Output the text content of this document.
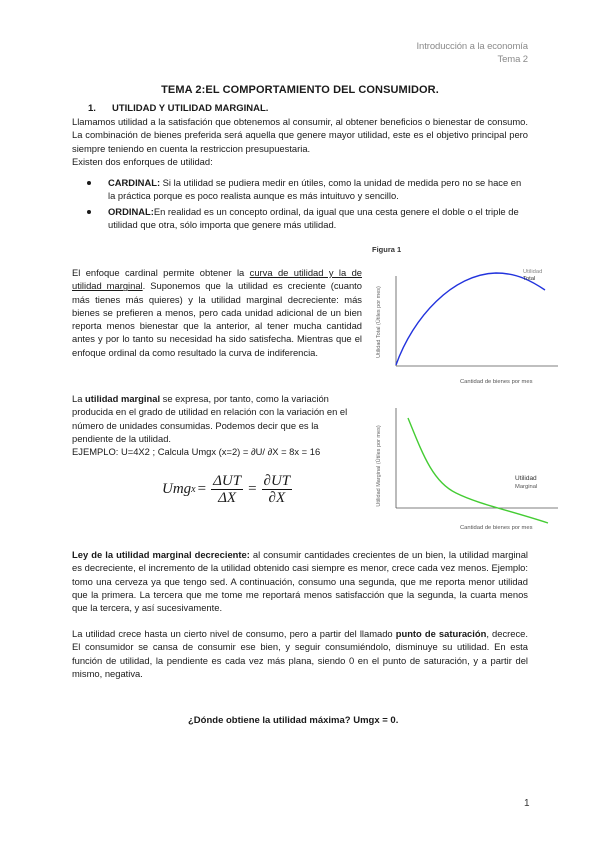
Introducción a la economía
Tema 2
TEMA 2:EL COMPORTAMIENTO DEL CONSUMIDOR.
1. UTILIDAD Y UTILIDAD MARGINAL.
Llamamos utilidad a la satisfación que obtenemos al consumir, al obtener beneficios o bienestar de consumo. La combinación de bienes preferida será aquella que genere mayor utilidad, este es el objetivo principal pero siempre teniendo en cuenta la restriccion presupuestaria.
Existen dos enforques de utilidad:
CARDINAL: Si la utilidad se pudiera medir en útiles, como la unidad de medida pero no se hace en la práctica porque es poco realista aunque es más intuituvo y sencillo.
ORDINAL:En realidad es un concepto ordinal, da igual que una cesta genere el doble o el triple de utilidad que otra, sólo importa que genere más utilidad.
El enfoque cardinal permite obtener la curva de utilidad y la de utilidad marginal. Suponemos que la utilidad es creciente (cuanto más tienes más quieres) y la utilidad marginal decreciente: más bienes se prefieren a menos, pero cada unidad adicional de un bien reporta menos bienestar que la anterior, al tener mucha cantidad antes y por lo tanto su necesidad ha sido satisfecha. Mientras que el enfoque ordinal da como resultado la curva de indiferencia.
La utilidad marginal se expresa, por tanto, como la variación producida en el grado de utilidad en relación con la variación en el número de unidades consumidas. Podemos decir que es la pendiente de la utilidad.
EJEMPLO: U=4X2 ; Calcula Umgx (x=2) = ∂U/ ∂X = 8x = 16
Umg $x = \frac{\text{ΔUT}}{\Delta X} = \frac{\partial UT}{\partial X}$
Figura 1
Utilidad Total (Útiles por mes)
Cantidad de bienes por mes
Utilidad
Total
Utilidad Marginal (Útiles por mes)
Cantidad de bienes por mes
Utilidad
Marginal
Ley de la utilidad marginal decreciente: al consumir cantidades crecientes de un bien, la utilidad marginal es decreciente, el incremento de la utilidad obtenido casi siempre es menor, crece cada vez menos. Ejemplo: tomo una cerveza ya que tengo sed. A continuación, consumo una segunda, que me reporta menor utilidad que la primera. La tercera que me tome me reportará menos satisfacción que la segunda, la cuarta menos que la tercera, y así sucesivamente.
La utilidad crece hasta un cierto nivel de consumo, pero a partir del llamado punto de saturación, decrece. El consumidor se cansa de consumir ese bien, y seguir consumiéndolo, disminuye su utilidad. En esta función de utilidad, la pendiente es cada vez más plana, siendo 0 en el punto de saturación, y a partir del mismo, negativa.
¿Dónde obtiene la utilidad máxima? Umgx = 0.
1
